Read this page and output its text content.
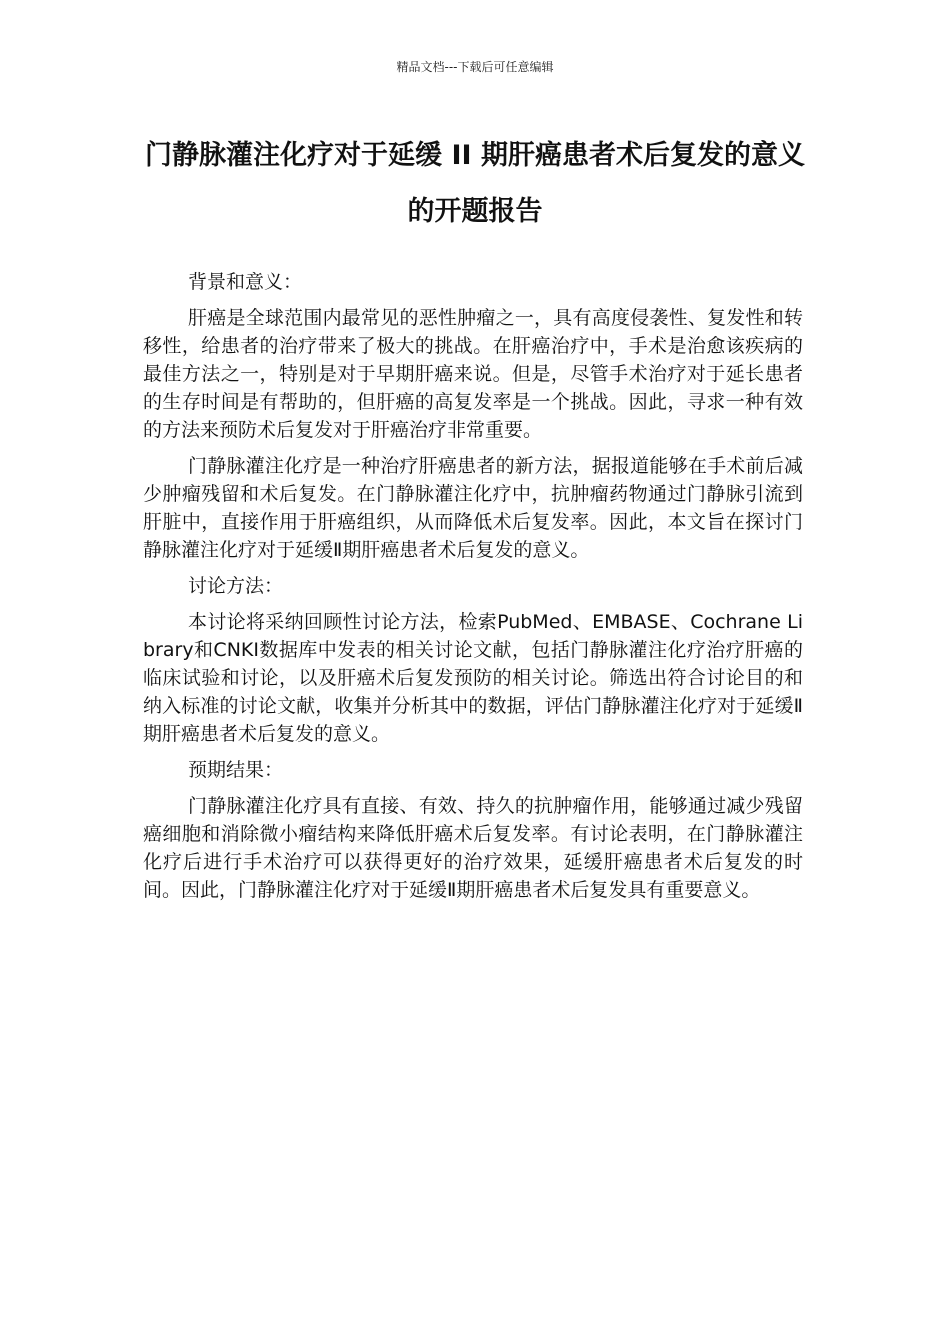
精品文档---下载后可任意编辑
门静脉灌注化疗对于延缓 II 期肝癌患者术后复发的意义的开题报告

背景和意义：

肝癌是全球范围内最常见的恶性肿瘤之一，具有高度侵袭性、复发性和转移性，给患者的治疗带来了极大的挑战。在肝癌治疗中，手术是治愈该疾病的最佳方法之一，特别是对于早期肝癌来说。但是，尽管手术治疗对于延长患者的生存时间是有帮助的，但肝癌的高复发率是一个挑战。因此，寻求一种有效的方法来预防术后复发对于肝癌治疗非常重要。

门静脉灌注化疗是一种治疗肝癌患者的新方法，据报道能够在手术前后减少肿瘤残留和术后复发。在门静脉灌注化疗中，抗肿瘤药物通过门静脉引流到肝脏中，直接作用于肝癌组织，从而降低术后复发率。因此，本文旨在探讨门静脉灌注化疗对于延缓Ⅱ期肝癌患者术后复发的意义。

讨论方法：

本讨论将采纳回顾性讨论方法，检索PubMed、EMBASE、Cochrane Library和CNKI数据库中发表的相关讨论文献，包括门静脉灌注化疗治疗肝癌的临床试验和讨论，以及肝癌术后复发预防的相关讨论。筛选出符合讨论目的和纳入标准的讨论文献，收集并分析其中的数据，评估门静脉灌注化疗对于延缓Ⅱ期肝癌患者术后复发的意义。

预期结果：

门静脉灌注化疗具有直接、有效、持久的抗肿瘤作用，能够通过减少残留癌细胞和消除微小瘤结构来降低肝癌术后复发率。有讨论表明，在门静脉灌注化疗后进行手术治疗可以获得更好的治疗效果，延缓肝癌患者术后复发的时间。因此，门静脉灌注化疗对于延缓Ⅱ期肝癌患者术后复发具有重要意义。
